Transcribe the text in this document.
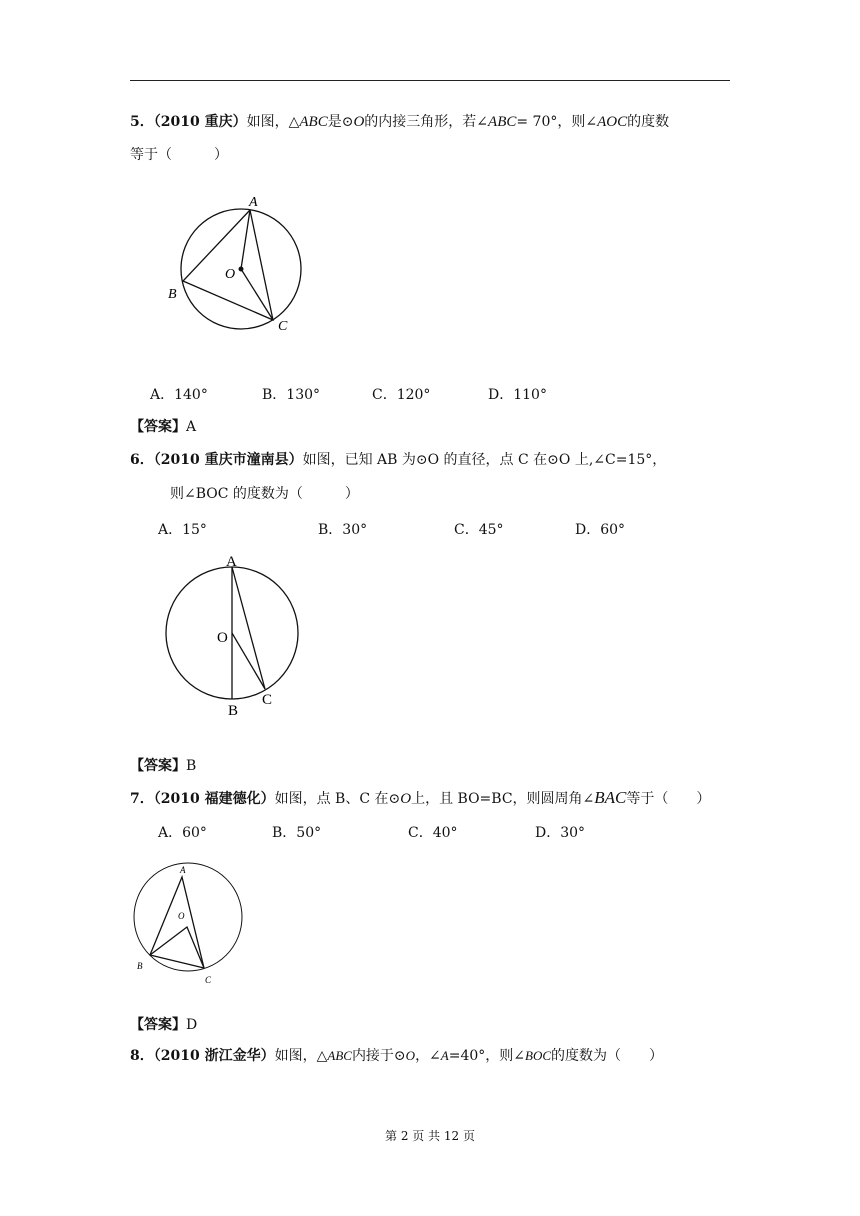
5．（2010 重庆）如图，△ABC是⊙O的内接三角形，若∠ABC= 70°，则∠AOC的度数
等于（　　　）
A
B
C
O
A．140°	B．130°	C．120°	D．110°
【答案】A
6．（2010 重庆市潼南县）如图，已知 AB 为⊙O 的直径，点 C 在⊙O 上,∠C=15°，
则∠BOC 的度数为（　　　）
A．15°	B．30°	C．45°	D．60°
A
B
C
O
【答案】B
7．（2010 福建德化）如图，点 B、C 在⊙O上，且 BO=BC，则圆周角∠BAC等于（　　）
A．60°	B．50°	C．40°	D．30°
A
B
C
O
【答案】D
8．（2010 浙江金华）如图，△ABC内接于⊙O，∠A=40°，则∠BOC的度数为（　　）
第 2 页 共 12 页
